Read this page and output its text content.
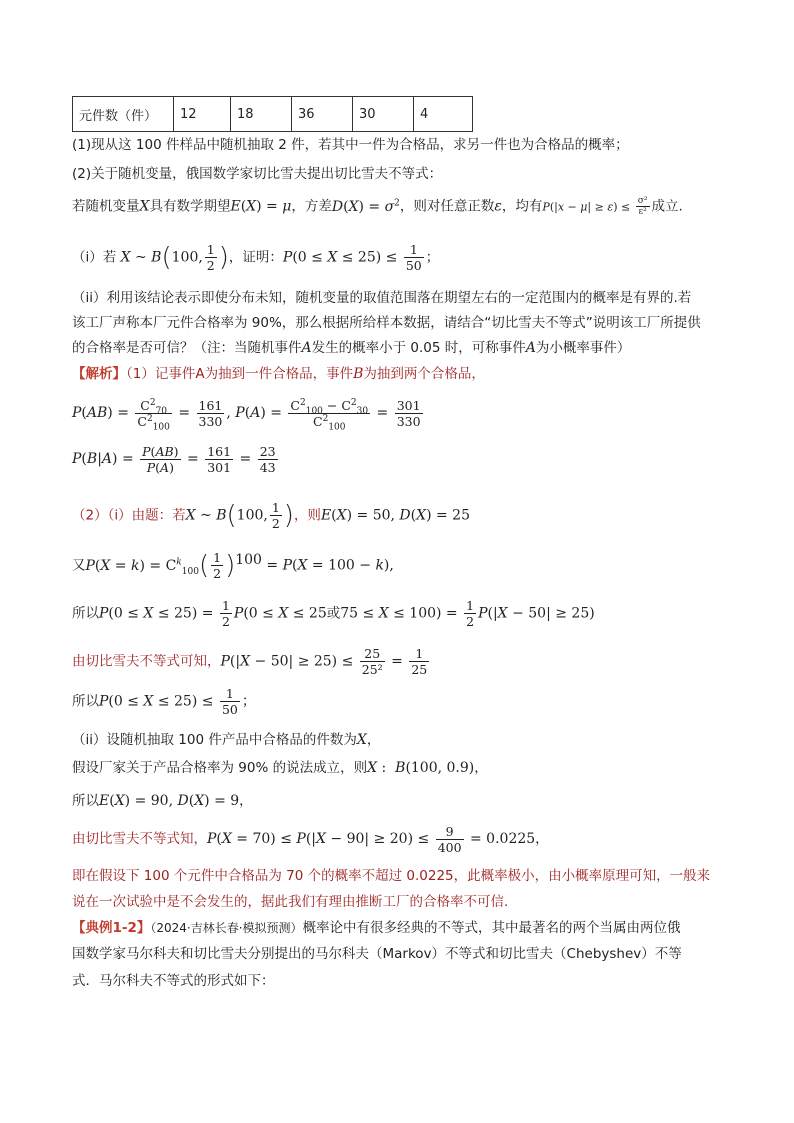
元件数（件）	12	18	36	30	4
(1)现从这 100 件样品中随机抽取 2 件，若其中一件为合格品，求另一件也为合格品的概率；
(2)关于随机变量，俄国数学家切比雪夫提出切比雪夫不等式：
若随机变量X具有数学期望E(X) = μ，方差$D(X) = \sigma^2$，则对任意正数ε，均有$P(|x - \mu| \ge \varepsilon) \le \frac{\text{σ²}}{\text{ε²}}$ 成立.
（i）若 X ~ B(100, $\frac{1}{2}$ )，证明：$P(0 \le X \le 25) \le \frac{1}{50}$ ；
（ii）利用该结论表示即使分布未知，随机变量的取值范围落在期望左右的一定范围内的概率是有界的.若
该工厂声称本厂元件合格率为 90%，那么根据所给样本数据，请结合“切比雪夫不等式”说明该工厂所提供
的合格率是否可信？（注：当随机事件A发生的概率小于 0.05 时，可称事件A为小概率事件）
【解析】（1）记事件A为抽到一件合格品，事件B为抽到两个合格品，
$P(AB) = \frac{C^2_{70}}{C^2_{100}} = \frac{161}{330}$ , $P(A) = \frac{C^2_{100} - C^2_{30}}{C^2_{100}} = \frac{301}{330}$
$P(B|A) = \frac{P(AB)}{P(A)} = \frac{161}{301} = \frac{23}{43}$
（2）（i）由题：若X ~ B(100, $\frac{1}{2}$ )，则E(X) = 50, D(X) = 25
又$P(X = k) = C^k_{100}( \frac{1}{2} )^{100} = P(X = 100 - k)$,
所以$P(0 \le X \le 25) = \frac{1}{2} P(0 \le X \le 25$或$75 \le X \le 100) = \frac{1}{2} P(|X - 50| \ge 25)$
由切比雪夫不等式可知，$P(|X - 50| \ge 25) \le \frac{25}{\text{25²}} = \frac{1}{25}$
所以$P(0 \le X \le 25) \le \frac{1}{50}$ ；
（ii）设随机抽取 100 件产品中合格品的件数为X，
假设厂家关于产品合格率为 90% 的说法成立，则X :  B(100, 0.9)，
所以E(X) = 90, D(X) = 9，
由切比雪夫不等式知，$P(X = 70) \le P(|X - 90| \ge 20) \le \frac{9}{400} = 0.0225$，
即在假设下 100 个元件中合格品为 70 个的概率不超过 0.0225，此概率极小，由小概率原理可知，一般来
说在一次试验中是不会发生的，据此我们有理由推断工厂的合格率不可信.
【典例1-2】（2024·吉林长春·模拟预测）概率论中有很多经典的不等式，其中最著名的两个当属由两位俄
国数学家马尔科夫和切比雪夫分别提出的马尔科夫（Markov）不等式和切比雪夫（Chebyshev）不等
式．马尔科夫不等式的形式如下：
